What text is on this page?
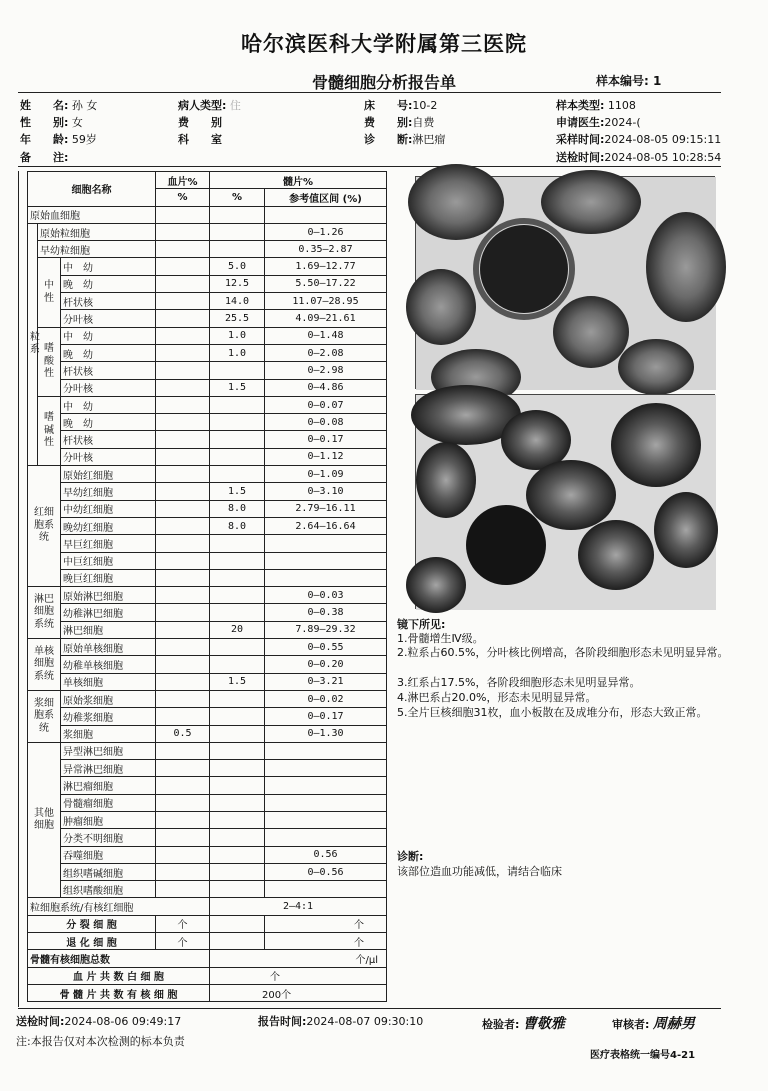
哈尔滨医科大学附属第三医院
骨髓细胞分析报告单	样本编号: 1
姓　　名: 孙 女
性　　别: 女
年　　龄: 59岁
备　　注:
病人类型: 住
费　　别
科　　室
床　　号:10-2
费　　别:自费
诊　　断:淋巴瘤
样本类型: 1108
申请医生:2024-(
采样时间:2024-08-05 09:15:11
送检时间:2024-08-05 10:28:54
细胞名称			血片%	髓片%	
			%	%	参考值区间 (%)
原始血细胞					
粒系	原始粒细胞				0—1.26
	早幼粒细胞				0.35—2.87
	中性	中　幼		5.0	1.69—12.77
		晚　幼		12.5	5.50—17.22
		杆状核		14.0	11.07—28.95
		分叶核		25.5	4.09—21.61
	嗜酸性	中　幼		1.0	0—1.48
		晚　幼		1.0	0—2.08
		杆状核			0—2.98
		分叶核		1.5	0—4.86
	嗜碱性	中　幼			0—0.07
		晚　幼			0—0.08
		杆状核			0—0.17
		分叶核			0—1.12
红细胞系统		原始红细胞			0—1.09
		早幼红细胞		1.5	0—3.10
		中幼红细胞		8.0	2.79—16.11
		晚幼红细胞		8.0	2.64—16.64
		早巨红细胞			
		中巨红细胞			
		晚巨红细胞			
淋巴细胞系统		原始淋巴细胞			0—0.03
		幼稚淋巴细胞			0—0.38
		淋巴细胞		20	7.89—29.32
单核细胞系统		原始单核细胞			0—0.55
		幼稚单核细胞			0—0.20
		单核细胞		1.5	0—3.21
浆细胞系统		原始浆细胞			0—0.02
		幼稚浆细胞			0—0.17
		浆细胞	0.5		0—1.30
其他细胞		异型淋巴细胞			
		异常淋巴细胞			
		淋巴瘤细胞			
		骨髓瘤细胞			
		肿瘤细胞			
		分类不明细胞			
		吞噬细胞			0.56
		组织嗜碱细胞			0—0.56
		组织嗜酸细胞			
粒细胞系统/有核红细胞				2—4:1	
分 裂 细 胞			个		个
退 化 细 胞			个		个
骨髓有核细胞总数				个/μl	
血 片 共 数 白 细 胞				个	
骨 髓 片 共 数 有 核 细 胞				200个	
镜下所见:
1.骨髓增生Ⅳ级。
2.粒系占60.5%，分叶核比例增高，各阶段细胞形态未见明显异常。
3.红系占17.5%，各阶段细胞形态未见明显异常。
4.淋巴系占20.0%，形态未见明显异常。
5.全片巨核细胞31枚，血小板散在及成堆分布，形态大致正常。
诊断:
该部位造血功能减低，请结合临床
送检时间:2024-08-06 09:49:17	报告时间:2024-08-07 09:30:10	检验者: 曹敬雅	审核者: 周赫男
注:本报告仅对本次检测的标本负责
医疗表格统一编号4-21
